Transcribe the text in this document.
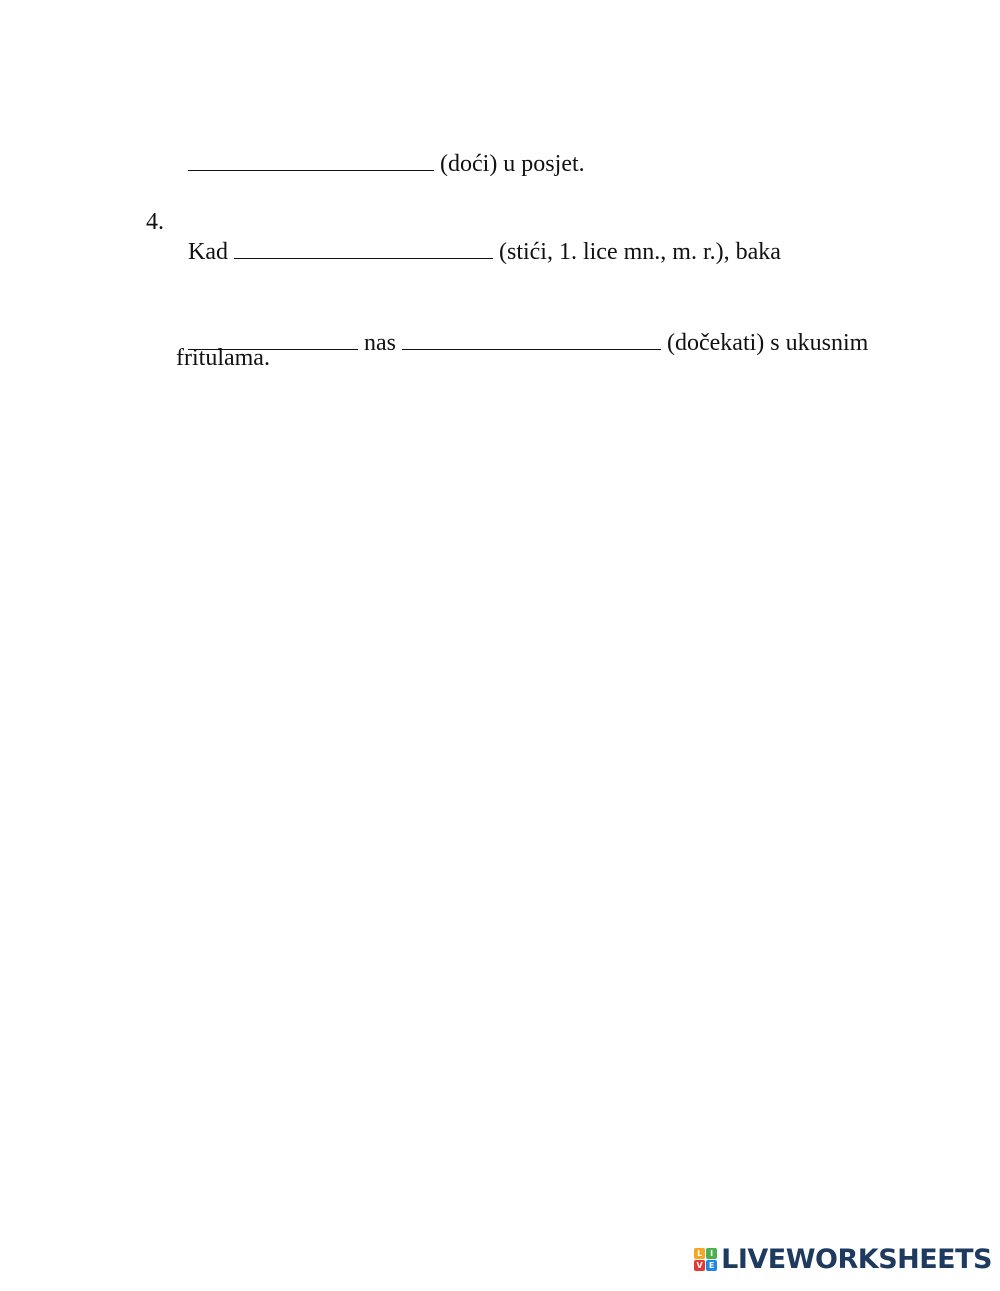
(doći) u posjet.

4.

Kad	(stići, 1. lice mn., m. r.), baka

nas	(dočekati) s ukusnim

fritulama.
L I
V E LIVEWORKSHEETS
